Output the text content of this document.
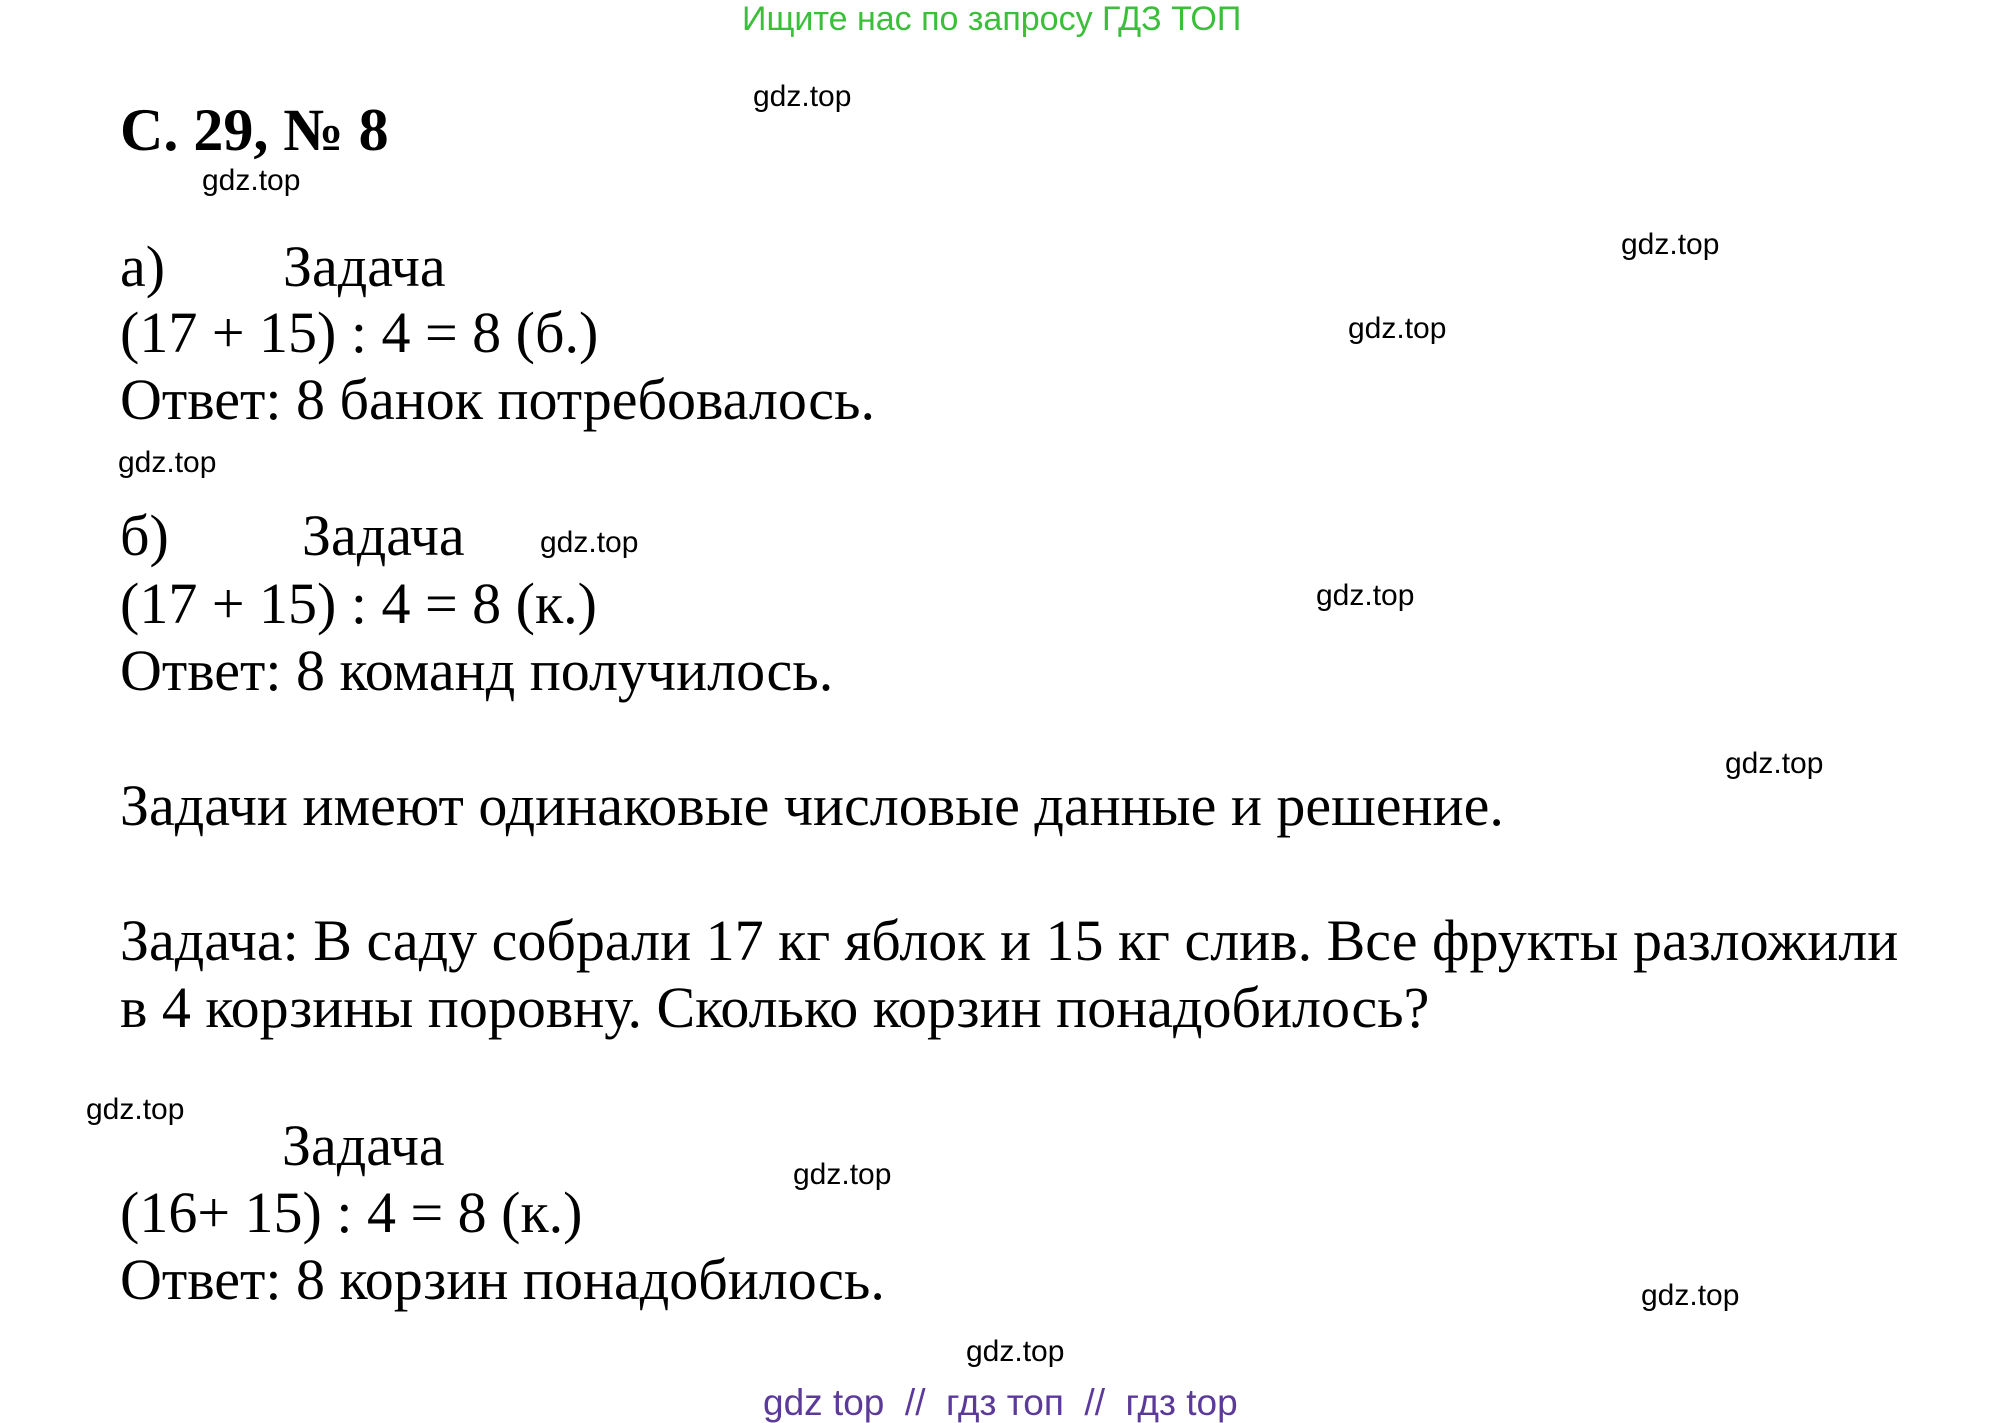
Ищите нас по запросу ГДЗ ТОП
С. 29, № 8
а) Задача
(17 + 15) : 4 = 8 (б.)
Ответ: 8 банок потребовалось.
б) Задача
(17 + 15) : 4 = 8 (к.)
Ответ: 8 команд получилось.
Задачи имеют одинаковые числовые данные и решение.
Задача: В саду собрали 17 кг яблок и 15 кг слив. Все фрукты разложили
в 4 корзины поровну. Сколько корзин понадобилось?
Задача
(16+ 15) : 4 = 8 (к.)
Ответ: 8 корзин понадобилось.
gdz.top
gdz.top
gdz.top
gdz.top
gdz.top
gdz.top
gdz.top
gdz.top
gdz.top
gdz.top
gdz.top
gdz.top
gdz top  //  гдз топ  //  гдз top
